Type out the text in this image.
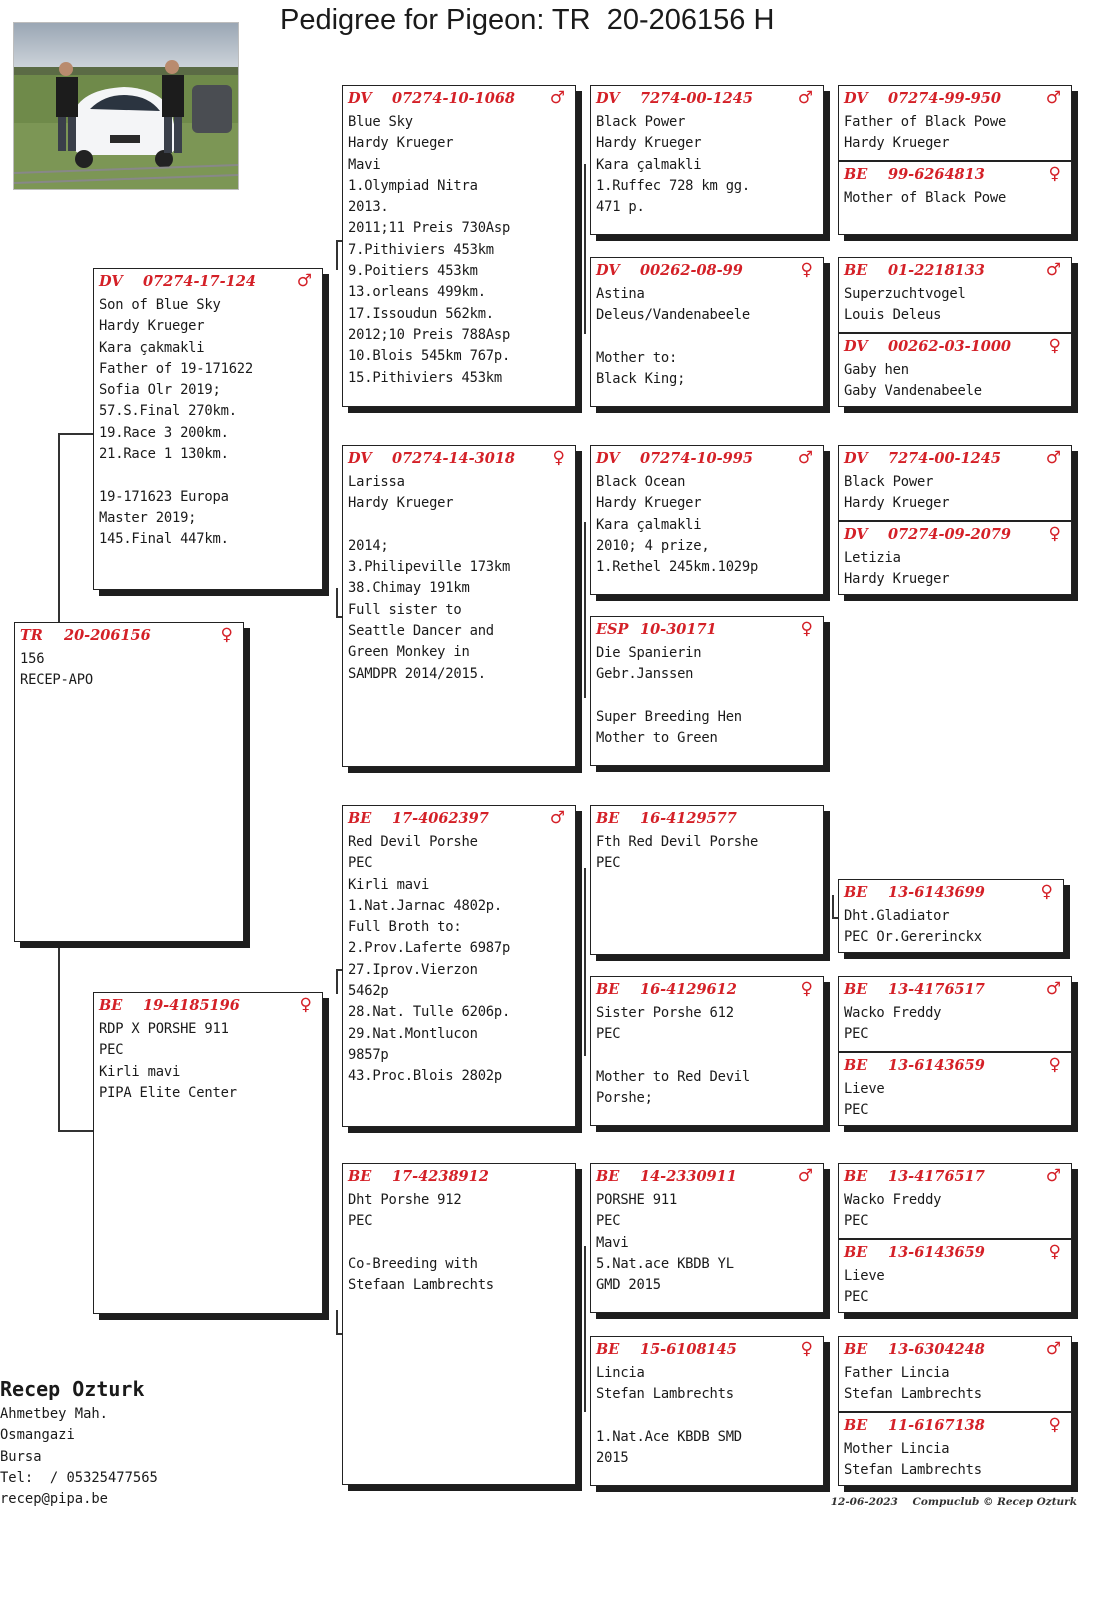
Pedigree for Pigeon: TR  20-206156 H
TR	20-206156	♀
156
RECEP-APO
DV	07274-17-124	♂
Son of Blue Sky
Hardy Krueger
Kara çakmakli
Father of 19-171622
Sofia Olr 2019;
57.S.Final 270km.
19.Race 3 200km.
21.Race 1 130km.

19-171623 Europa
Master 2019;
145.Final 447km.
BE	19-4185196	♀
RDP X PORSHE 911
PEC
Kirli mavi
PIPA Elite Center
DV	07274-10-1068	♂
Blue Sky
Hardy Krueger
Mavi
1.Olympiad Nitra
2013.
2011;11 Preis 730Asp
7.Pithiviers 453km
9.Poitiers 453km
13.orleans 499km.
17.Issoudun 562km.
2012;10 Preis 788Asp
10.Blois 545km 767p.
15.Pithiviers 453km
DV	07274-14-3018	♀
Larissa
Hardy Krueger

2014;
3.Philipeville 173km
38.Chimay 191km
Full sister to
Seattle Dancer and
Green Monkey in
SAMDPR 2014/2015.
BE	17-4062397	♂
Red Devil Porshe
PEC
Kirli mavi
1.Nat.Jarnac 4802p.
Full Broth to:
2.Prov.Laferte 6987p
27.Iprov.Vierzon
5462p
28.Nat. Tulle 6206p.
29.Nat.Montlucon
9857p
43.Proc.Blois 2802p
BE	17-4238912

Dht Porshe 912
PEC

Co-Breeding with
Stefaan Lambrechts
DV	7274-00-1245	♂
Black Power
Hardy Krueger
Kara çalmakli
1.Ruffec 728 km gg.
471 p.
DV	00262-08-99	♀
Astina
Deleus/Vandenabeele

Mother to:
Black King;
DV	07274-10-995	♂
Black Ocean
Hardy Krueger
Kara çalmakli
2010; 4 prize,
1.Rethel 245km.1029p
ESP 10-30171	♀
Die Spanierin
Gebr.Janssen

Super Breeding Hen
Mother to Green
BE	16-4129577

Fth Red Devil Porshe
PEC
BE	16-4129612	♀
Sister Porshe 612
PEC

Mother to Red Devil
Porshe;
BE	14-2330911	♂
PORSHE 911
PEC
Mavi
5.Nat.ace KBDB YL
GMD 2015
BE	15-6108145	♀
Lincia
Stefan Lambrechts

1.Nat.Ace KBDB SMD
2015
DV	07274-99-950	♂
Father of Black Powe
Hardy Krueger
BE	99-6264813	♀
Mother of Black Powe
BE	01-2218133	♂
Superzuchtvogel
Louis Deleus
DV	00262-03-1000	♀
Gaby hen
Gaby Vandenabeele
DV	7274-00-1245	♂
Black Power
Hardy Krueger
DV	07274-09-2079	♀
Letizia
Hardy Krueger
BE	13-6143699	♀
Dht.Gladiator
PEC Or.Gererinckx
BE	13-4176517	♂
Wacko Freddy
PEC
BE	13-6143659	♀
Lieve
PEC
BE	13-4176517	♂
Wacko Freddy
PEC
BE	13-6143659	♀
Lieve
PEC
BE	13-6304248	♂
Father Lincia
Stefan Lambrechts
BE	11-6167138	♀
Mother Lincia
Stefan Lambrechts
Recep Ozturk
Ahmetbey Mah.
Osmangazi
Bursa
Tel:  / 05325477565
recep@pipa.be	12-06-2023 Compuclub © Recep Ozturk
